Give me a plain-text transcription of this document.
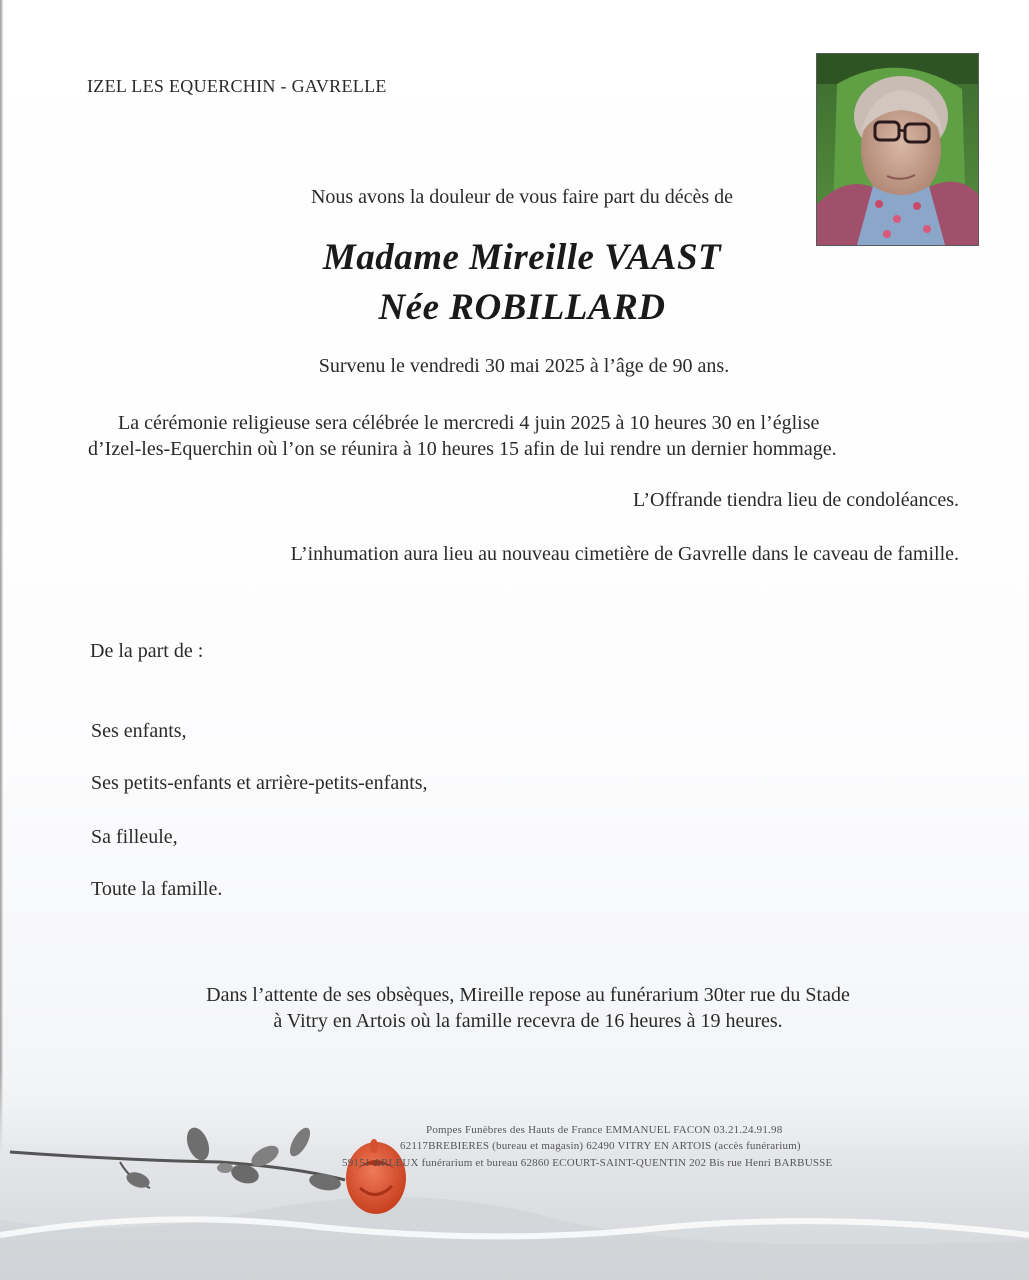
IZEL LES EQUERCHIN - GAVRELLE
Nous avons la douleur de vous faire part du décès de
Madame Mireille VAAST
Née ROBILLARD
Survenu le vendredi 30 mai 2025 à l’âge de 90 ans.
La cérémonie religieuse sera célébrée le mercredi 4 juin 2025 à 10 heures 30 en l’église
d’Izel-les-Equerchin où l’on se réunira à 10 heures 15 afin de lui rendre un dernier hommage.
L’Offrande tiendra lieu de condoléances.
L’inhumation aura lieu au nouveau cimetière de Gavrelle dans le caveau de famille.
De la part de :
Ses enfants,
Ses petits-enfants et arrière-petits-enfants,
Sa filleule,
Toute la famille.
Dans l’attente de ses obsèques, Mireille repose au funérarium 30ter rue du Stade
à Vitry en Artois où la famille recevra de 16 heures à 19 heures.
Pompes Funèbres des Hauts de France EMMANUEL FACON 03.21.24.91.98
62117BREBIERES (bureau et magasin) 62490 VITRY EN ARTOIS (accès funérarium)
59151 ARLEUX funérarium et bureau 62860 ECOURT-SAINT-QUENTIN 202 Bis rue Henri BARBUSSE
